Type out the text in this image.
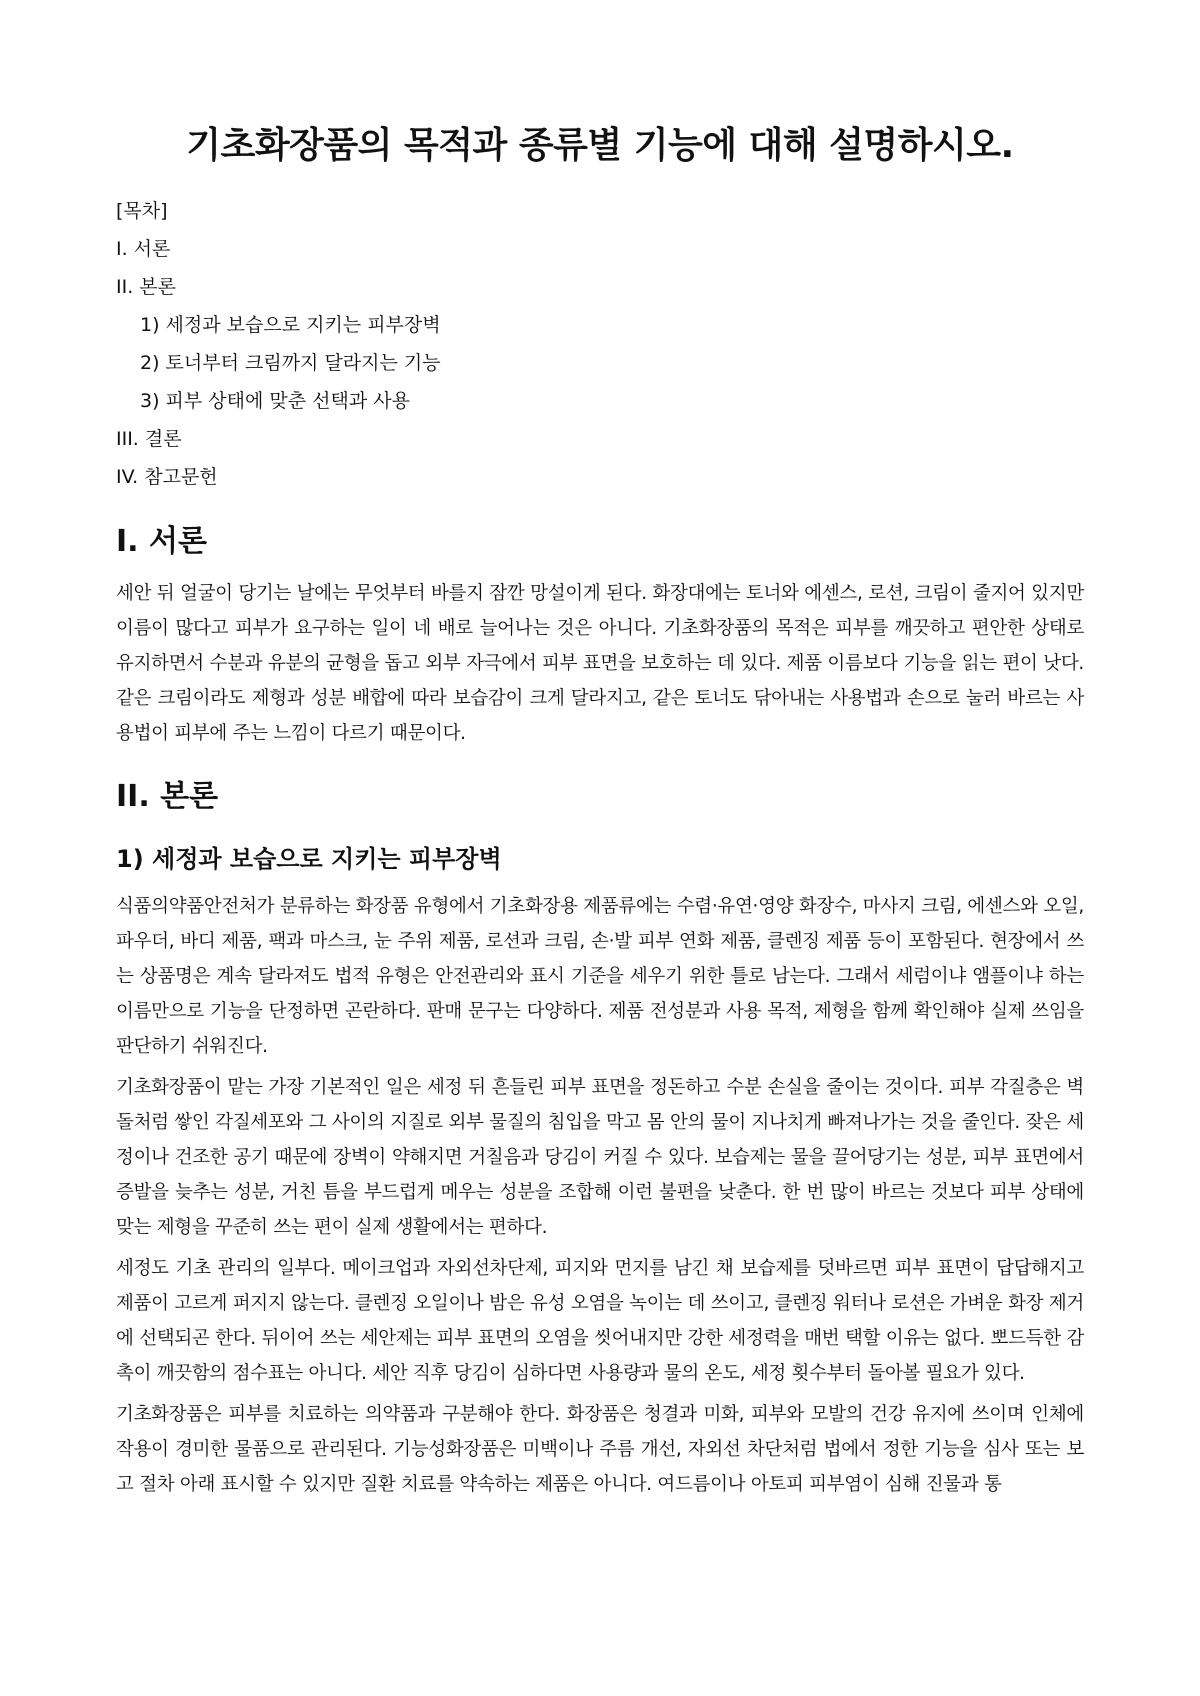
기초화장품의 목적과 종류별 기능에 대해 설명하시오.
[목차]
I. 서론
II. 본론
1) 세정과 보습으로 지키는 피부장벽
2) 토너부터 크림까지 달라지는 기능
3) 피부 상태에 맞춘 선택과 사용
III. 결론
IV. 참고문헌
I. 서론

세안 뒤 얼굴이 당기는 날에는 무엇부터 바를지 잠깐 망설이게 된다. 화장대에는 토너와 에센스, 로션, 크림이 줄지어 있지만 이름이 많다고 피부가 요구하는 일이 네 배로 늘어나는 것은 아니다. 기초화장품의 목적은 피부를 깨끗하고 편안한 상태로 유지하면서 수분과 유분의 균형을 돕고 외부 자극에서 피부 표면을 보호하는 데 있다. 제품 이름보다 기능을 읽는 편이 낫다. 같은 크림이라도 제형과 성분 배합에 따라 보습감이 크게 달라지고, 같은 토너도 닦아내는 사용법과 손으로 눌러 바르는 사용법이 피부에 주는 느낌이 다르기 때문이다.

II. 본론
1) 세정과 보습으로 지키는 피부장벽

식품의약품안전처가 분류하는 화장품 유형에서 기초화장용 제품류에는 수렴·유연·영양 화장수, 마사지 크림, 에센스와 오일, 파우더, 바디 제품, 팩과 마스크, 눈 주위 제품, 로션과 크림, 손·발 피부 연화 제품, 클렌징 제품 등이 포함된다. 현장에서 쓰는 상품명은 계속 달라져도 법적 유형은 안전관리와 표시 기준을 세우기 위한 틀로 남는다. 그래서 세럼이냐 앰플이냐 하는 이름만으로 기능을 단정하면 곤란하다. 판매 문구는 다양하다. 제품 전성분과 사용 목적, 제형을 함께 확인해야 실제 쓰임을 판단하기 쉬워진다.

기초화장품이 맡는 가장 기본적인 일은 세정 뒤 흔들린 피부 표면을 정돈하고 수분 손실을 줄이는 것이다. 피부 각질층은 벽돌처럼 쌓인 각질세포와 그 사이의 지질로 외부 물질의 침입을 막고 몸 안의 물이 지나치게 빠져나가는 것을 줄인다. 잦은 세정이나 건조한 공기 때문에 장벽이 약해지면 거칠음과 당김이 커질 수 있다. 보습제는 물을 끌어당기는 성분, 피부 표면에서 증발을 늦추는 성분, 거친 틈을 부드럽게 메우는 성분을 조합해 이런 불편을 낮춘다. 한 번 많이 바르는 것보다 피부 상태에 맞는 제형을 꾸준히 쓰는 편이 실제 생활에서는 편하다.

세정도 기초 관리의 일부다. 메이크업과 자외선차단제, 피지와 먼지를 남긴 채 보습제를 덧바르면 피부 표면이 답답해지고 제품이 고르게 퍼지지 않는다. 클렌징 오일이나 밤은 유성 오염을 녹이는 데 쓰이고, 클렌징 워터나 로션은 가벼운 화장 제거에 선택되곤 한다. 뒤이어 쓰는 세안제는 피부 표면의 오염을 씻어내지만 강한 세정력을 매번 택할 이유는 없다. 뽀드득한 감촉이 깨끗함의 점수표는 아니다. 세안 직후 당김이 심하다면 사용량과 물의 온도, 세정 횟수부터 돌아볼 필요가 있다.

기초화장품은 피부를 치료하는 의약품과 구분해야 한다. 화장품은 청결과 미화, 피부와 모발의 건강 유지에 쓰이며 인체에 작용이 경미한 물품으로 관리된다. 기능성화장품은 미백이나 주름 개선, 자외선 차단처럼 법에서 정한 기능을 심사 또는 보고 절차 아래 표시할 수 있지만 질환 치료를 약속하는 제품은 아니다. 여드름이나 아토피 피부염이 심해 진물과 통
